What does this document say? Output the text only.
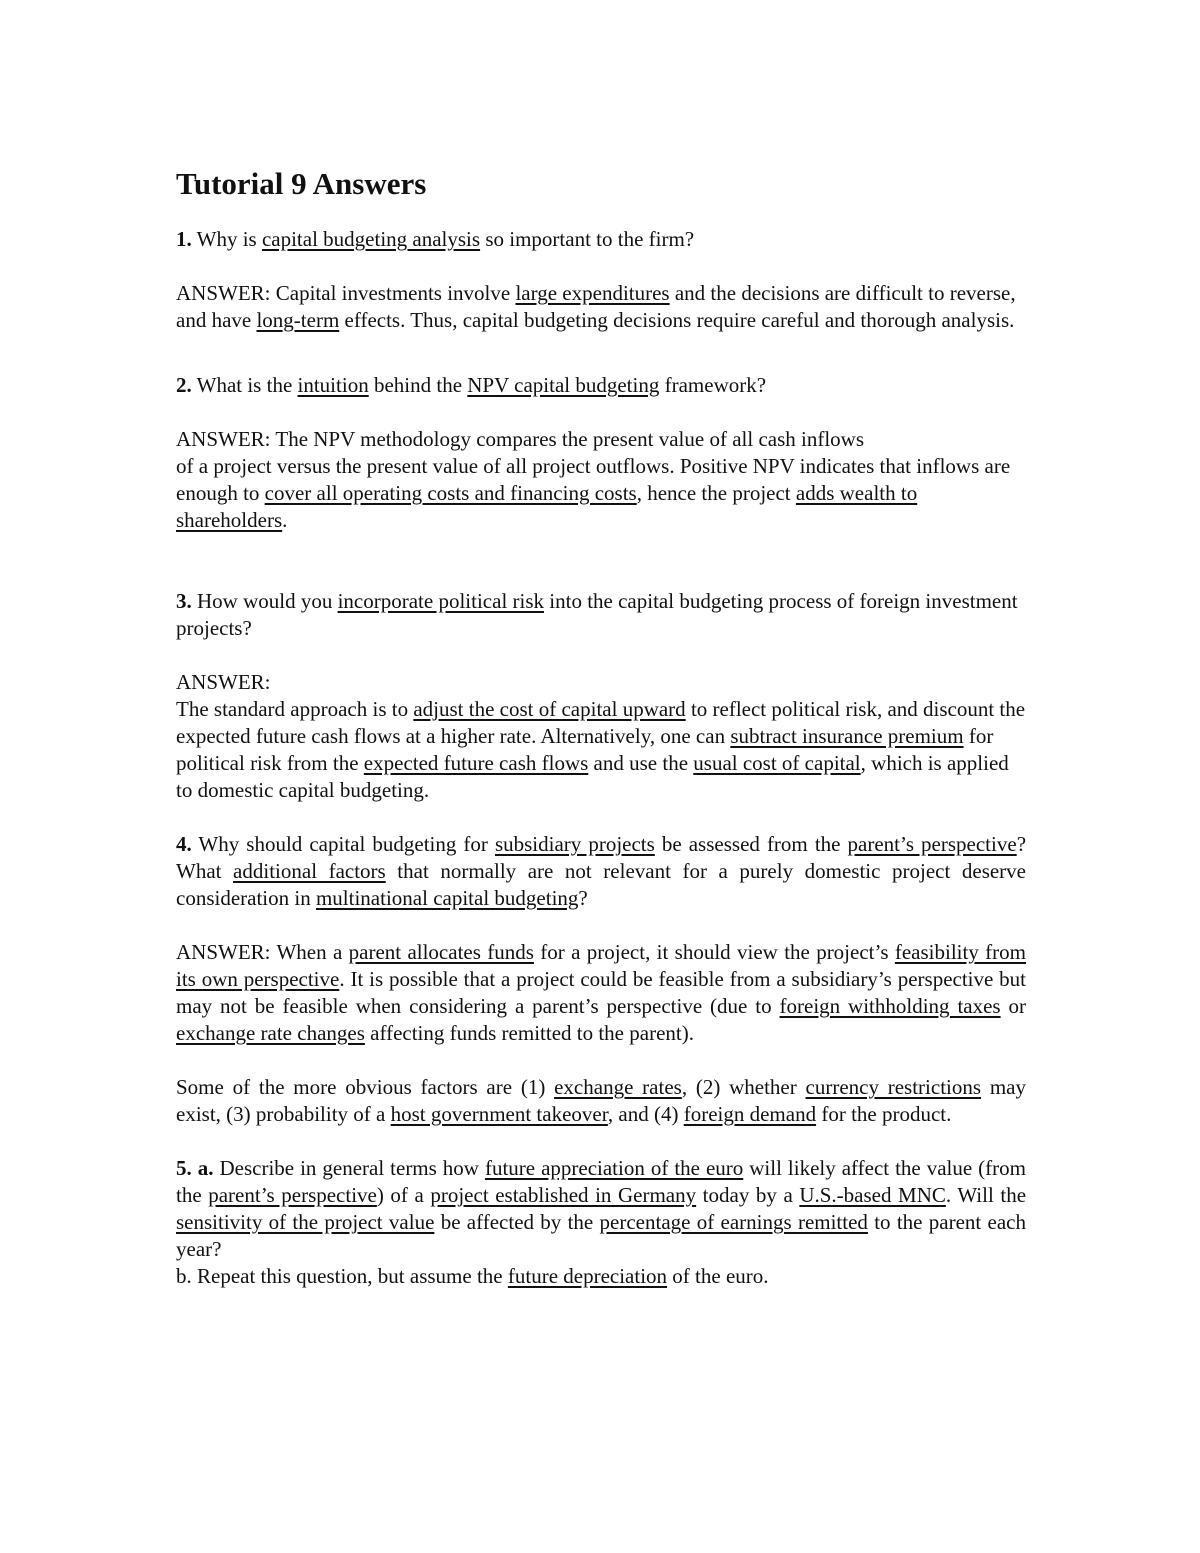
Tutorial 9 Answers

1. Why is capital budgeting analysis so important to the firm?

ANSWER: Capital investments involve large expenditures and the decisions are difficult to reverse, and have long-term effects. Thus, capital budgeting decisions require careful and thorough analysis.

2. What is the intuition behind the NPV capital budgeting framework?

ANSWER: The NPV methodology compares the present value of all cash inflows
of a project versus the present value of all project outflows. Positive NPV indicates that inflows are enough to cover all operating costs and financing costs, hence the project adds wealth to shareholders.

3. How would you incorporate political risk into the capital budgeting process of foreign investment projects?

ANSWER:

The standard approach is to adjust the cost of capital upward to reflect political risk, and discount the expected future cash flows at a higher rate. Alternatively, one can subtract insurance premium for political risk from the expected future cash flows and use the usual cost of capital, which is applied to domestic capital budgeting.

4. Why should capital budgeting for subsidiary projects be assessed from the parent’s perspective? What additional factors that normally are not relevant for a purely domestic project deserve consideration in multinational capital budgeting?

ANSWER: When a parent allocates funds for a project, it should view the project’s feasibility from its own perspective. It is possible that a project could be feasible from a subsidiary’s perspective but may not be feasible when considering a parent’s perspective (due to foreign withholding taxes or exchange rate changes affecting funds remitted to the parent).

Some of the more obvious factors are (1) exchange rates, (2) whether currency restrictions may exist, (3) probability of a host government takeover, and (4) foreign demand for the product.

5. a. Describe in general terms how future appreciation of the euro will likely affect the value (from the parent’s perspective) of a project established in Germany today by a U.S.-based MNC. Will the sensitivity of the project value be affected by the percentage of earnings remitted to the parent each year?

b. Repeat this question, but assume the future depreciation of the euro.
